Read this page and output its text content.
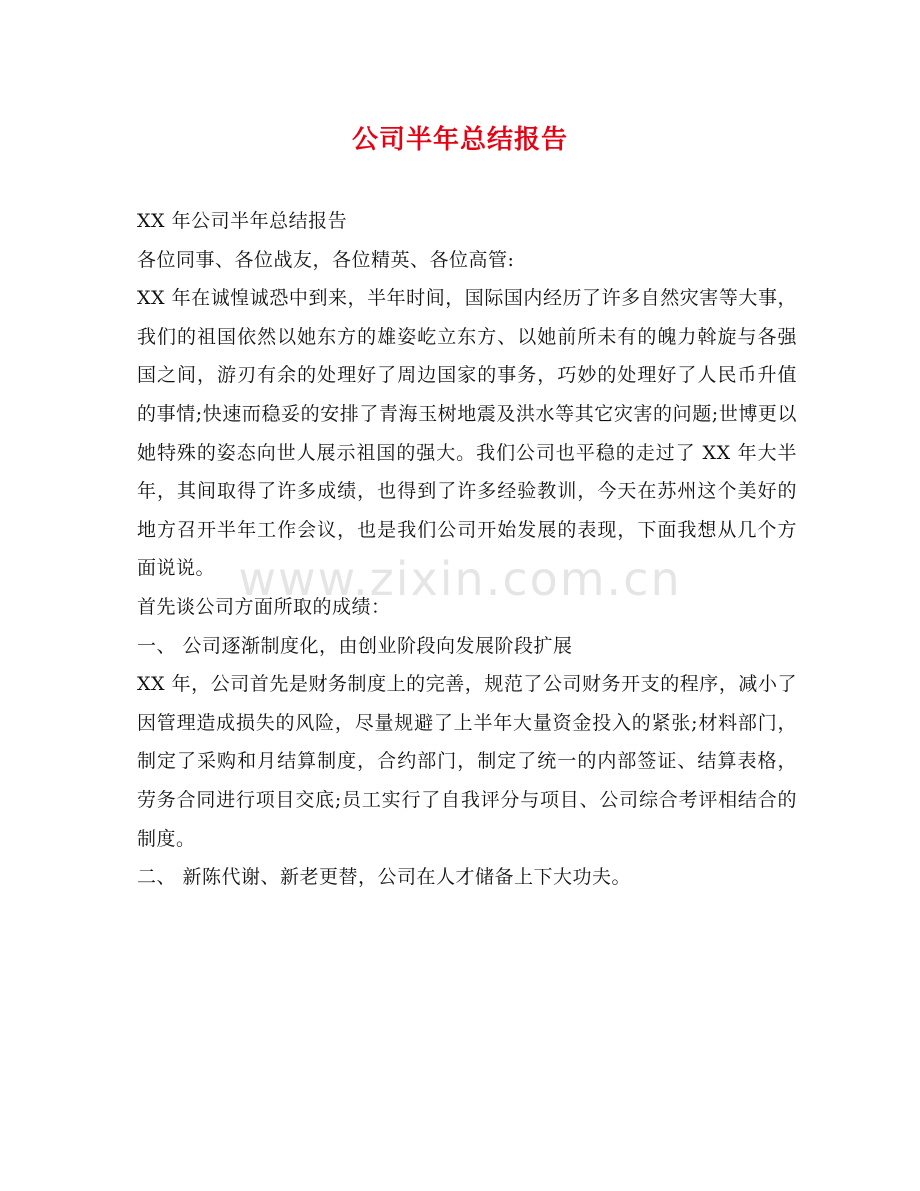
公司半年总结报告
www.zixin.com.cn

XX 年公司半年总结报告

各位同事、各位战友，各位精英、各位高管:

XX 年在诚惶诚恐中到来，半年时间，国际国内经历了许多自然灾害等大事，我们的祖国依然以她东方的雄姿屹立东方、以她前所未有的魄力斡旋与各强国之间，游刃有余的处理好了周边国家的事务，巧妙的处理好了人民币升值的事情;快速而稳妥的安排了青海玉树地震及洪水等其它灾害的问题;世博更以她特殊的姿态向世人展示祖国的强大。我们公司也平稳的走过了 XX 年大半年，其间取得了许多成绩，也得到了许多经验教训，今天在苏州这个美好的地方召开半年工作会议，也是我们公司开始发展的表现，下面我想从几个方面说说。

首先谈公司方面所取的成绩：

一、 公司逐渐制度化，由创业阶段向发展阶段扩展

XX 年，公司首先是财务制度上的完善，规范了公司财务开支的程序，减小了因管理造成损失的风险，尽量规避了上半年大量资金投入的紧张;材料部门，制定了采购和月结算制度，合约部门，制定了统一的内部签证、结算表格，劳务合同进行项目交底;员工实行了自我评分与项目、公司综合考评相结合的制度。

二、 新陈代谢、新老更替，公司在人才储备上下大功夫。
